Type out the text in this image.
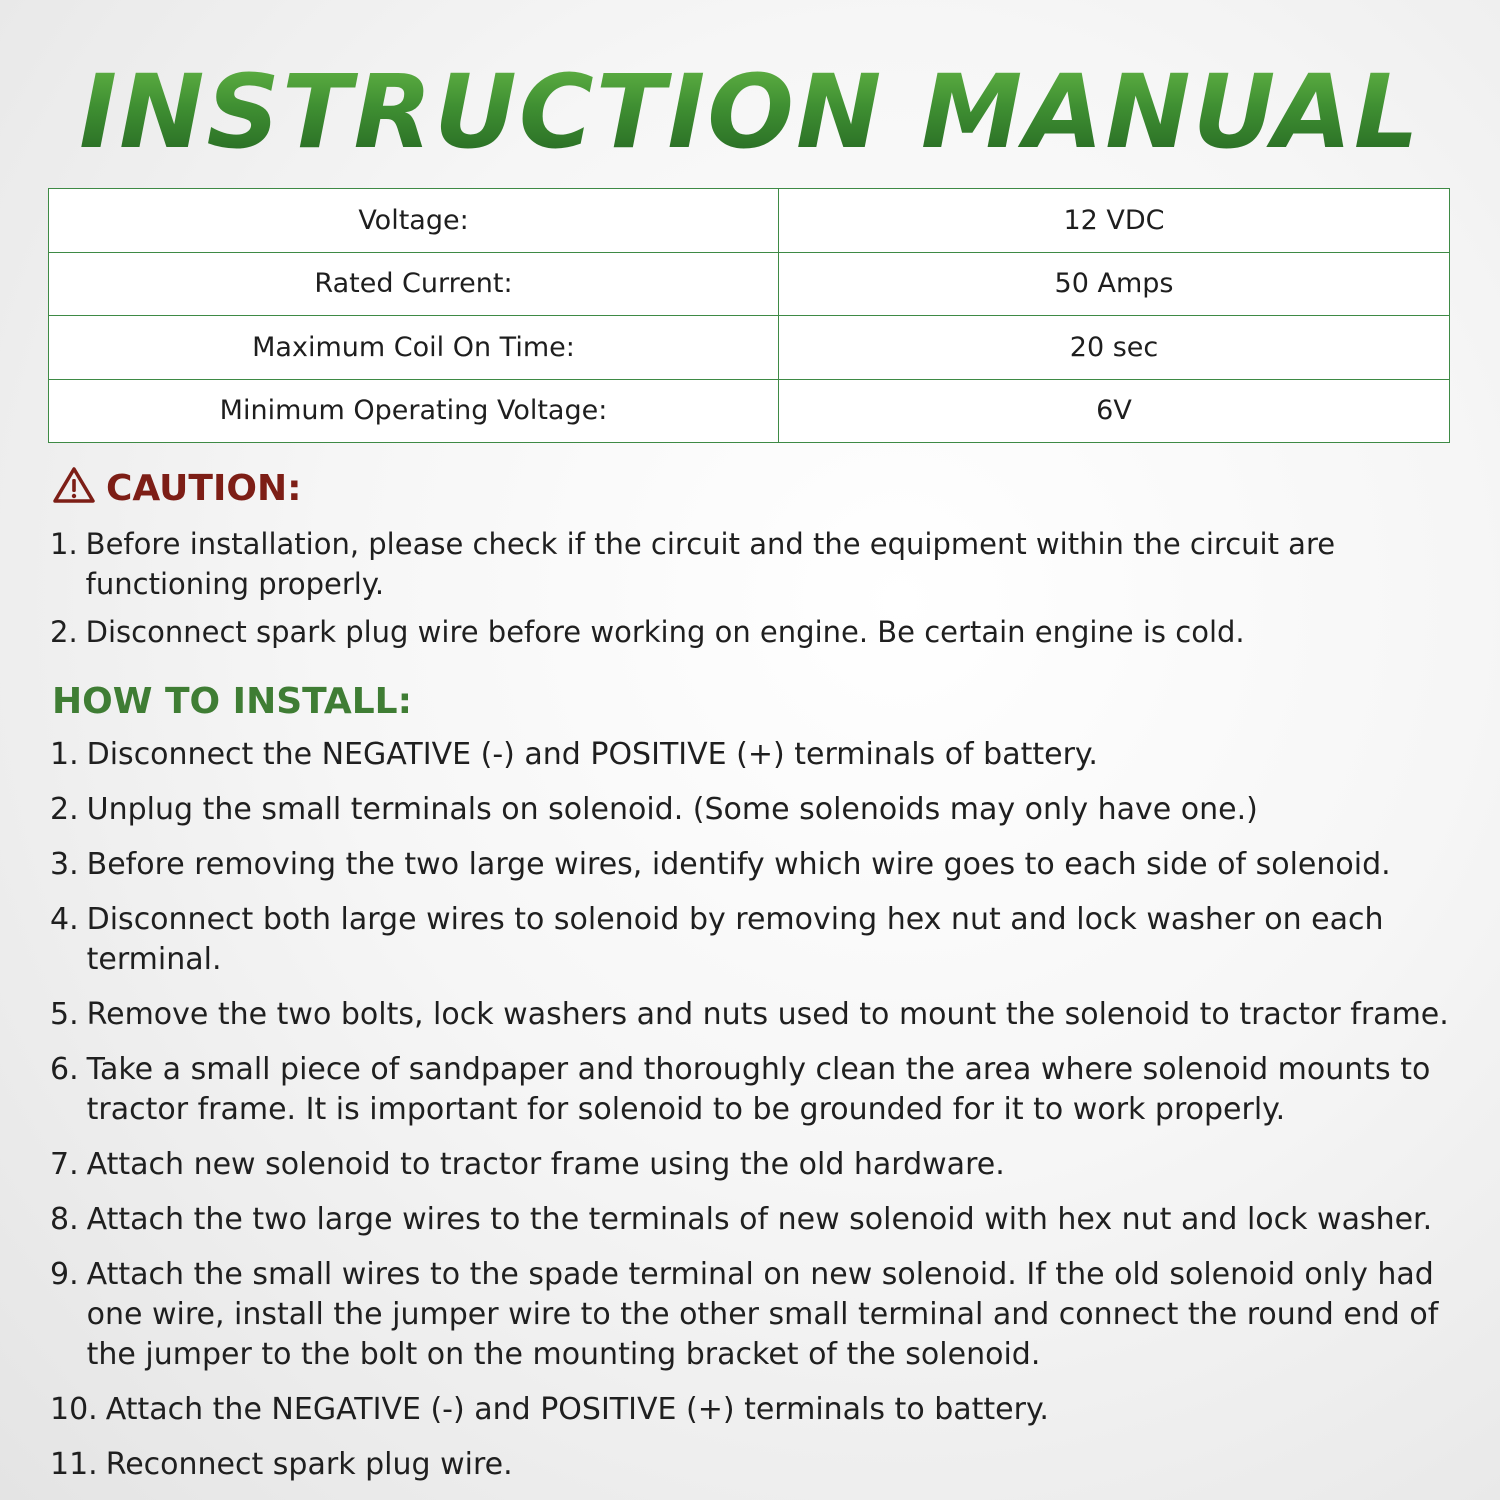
INSTRUCTION MANUAL
Voltage:	12 VDC
Rated Current:	50 Amps
Maximum Coil On Time:	20 sec
Minimum Operating Voltage:	6V
CAUTION:
1. Before installation, please check if the circuit and the equipment within the circuit are functioning properly.
2. Disconnect spark plug wire before working on engine. Be certain engine is cold.
HOW TO INSTALL:
1. Disconnect the NEGATIVE (-) and POSITIVE (+) terminals of battery.
2. Unplug the small terminals on solenoid. (Some solenoids may only have one.)
3. Before removing the two large wires, identify which wire goes to each side of solenoid.
4. Disconnect both large wires to solenoid by removing hex nut and lock washer on each terminal.
5. Remove the two bolts, lock washers and nuts used to mount the solenoid to tractor frame.
6. Take a small piece of sandpaper and thoroughly clean the area where solenoid mounts to tractor frame. It is important for solenoid to be grounded for it to work properly.
7. Attach new solenoid to tractor frame using the old hardware.
8. Attach the two large wires to the terminals of new solenoid with hex nut and lock washer.
9. Attach the small wires to the spade terminal on new solenoid. If the old solenoid only had one wire, install the jumper wire to the other small terminal and connect the round end of the jumper to the bolt on the mounting bracket of the solenoid.
10. Attach the NEGATIVE (-) and POSITIVE (+) terminals to battery.
11. Reconnect spark plug wire.
